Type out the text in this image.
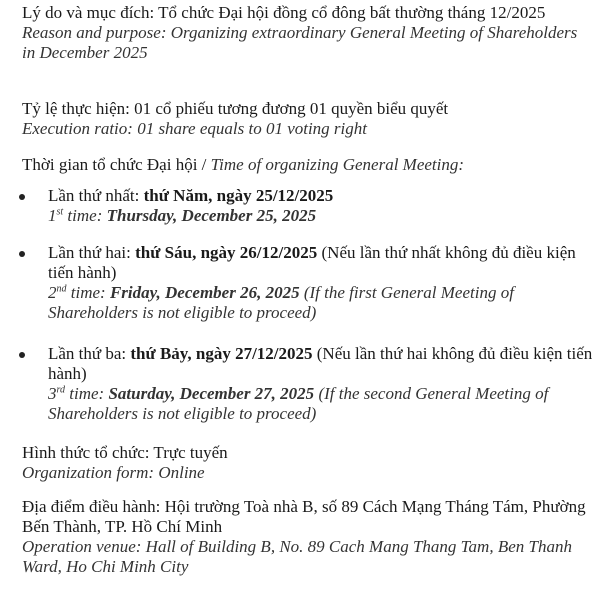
Lý do và mục đích: Tổ chức Đại hội đồng cổ đông bất thường tháng 12/2025
Reason and purpose: Organizing extraordinary General Meeting of Shareholders in December 2025
Tỷ lệ thực hiện: 01 cổ phiếu tương đương 01 quyền biểu quyết
Execution ratio: 01 share equals to 01 voting right
Thời gian tổ chức Đại hội / Time of organizing General Meeting:
Lần thứ nhất: thứ Năm, ngày 25/12/2025
1st time: Thursday, December 25, 2025
Lần thứ hai: thứ Sáu, ngày 26/12/2025 (Nếu lần thứ nhất không đủ điều kiện tiến hành)
2nd time: Friday, December 26, 2025 (If the first General Meeting of Shareholders is not eligible to proceed)
Lần thứ ba: thứ Bảy, ngày 27/12/2025 (Nếu lần thứ hai không đủ điều kiện tiến hành)
3rd time: Saturday, December 27, 2025 (If the second General Meeting of Shareholders is not eligible to proceed)
Hình thức tổ chức: Trực tuyến
Organization form: Online
Địa điểm điều hành: Hội trường Toà nhà B, số 89 Cách Mạng Tháng Tám, Phường Bến Thành, TP. Hồ Chí Minh
Operation venue: Hall of Building B, No. 89 Cach Mang Thang Tam, Ben Thanh Ward, Ho Chi Minh City
